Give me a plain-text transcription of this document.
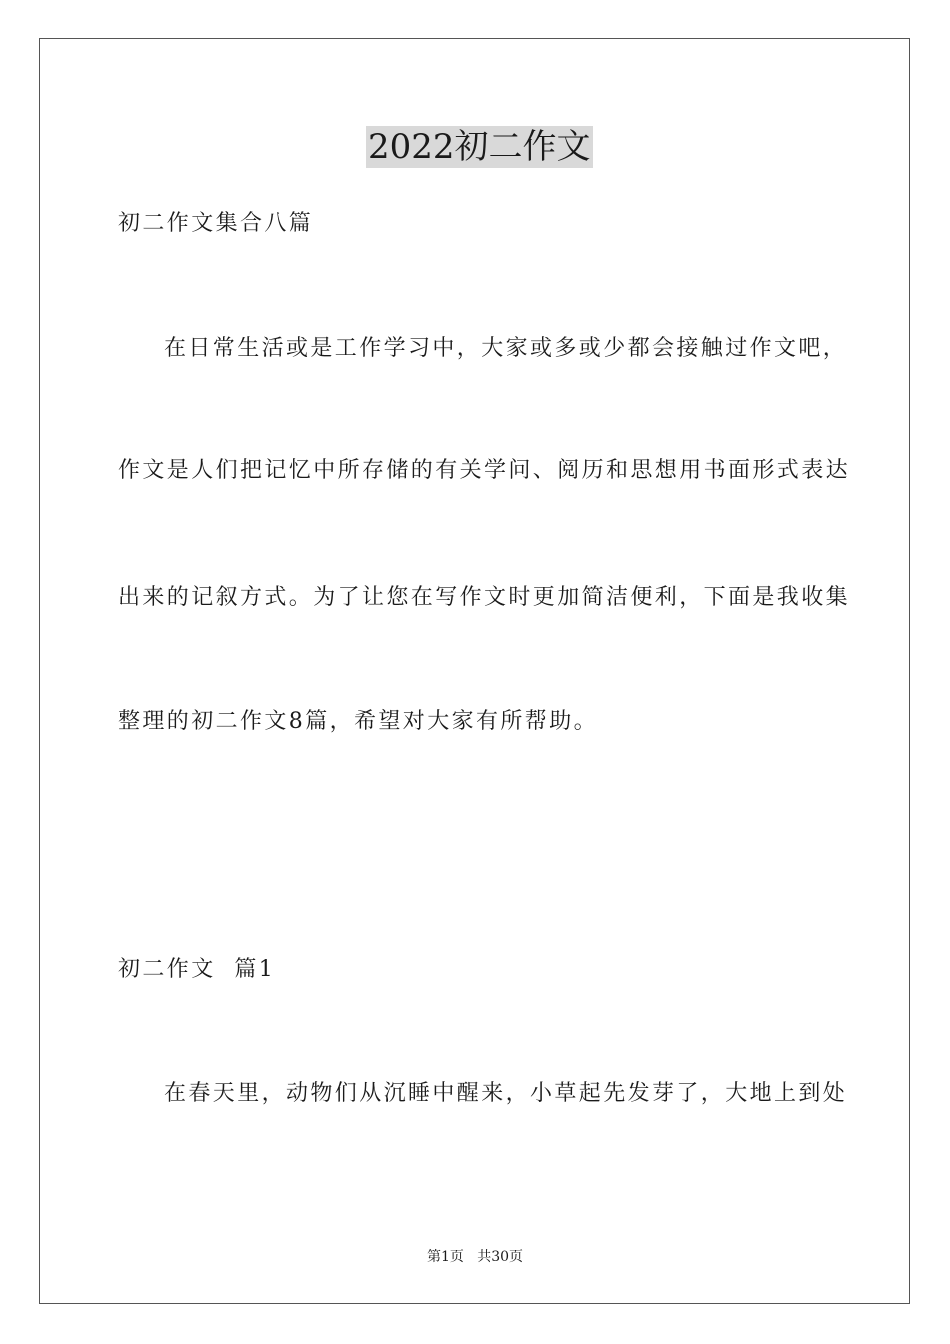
2022初二作文
初二作文集合八篇
在日常生活或是工作学习中，大家或多或少都会接触过作文吧，
作文是人们把记忆中所存储的有关学问、阅历和思想用书面形式表达
出来的记叙方式。为了让您在写作文时更加简洁便利，下面是我收集
整理的初二作文8篇，希望对大家有所帮助。
初二作文  篇1
在春天里，动物们从沉睡中醒来，小草起先发芽了，大地上到处
第1页   共30页
